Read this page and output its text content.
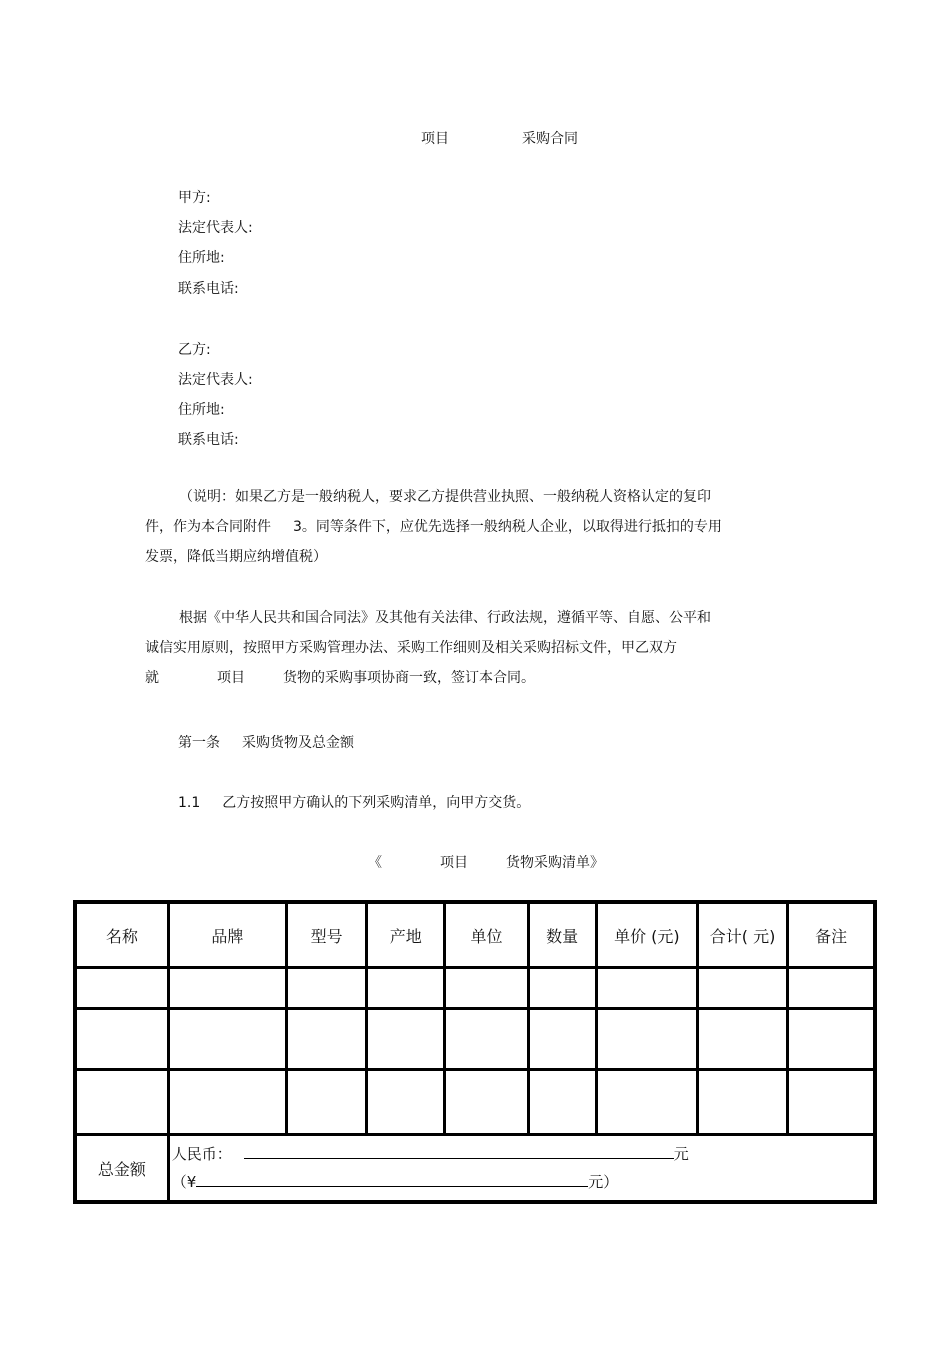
项目	采购合同
甲方:
法定代表人:
住所地:
联系电话:
乙方:
法定代表人:
住所地:
联系电话:
（说明：如果乙方是一般纳税人，要求乙方提供营业执照、一般纳税人资格认定的复印
件，作为本合同附件 3。同等条件下，应优先选择一般纳税人企业，以取得进行抵扣的专用
发票，降低当期应纳增值税）
根据《中华人民共和国合同法》及其他有关法律、行政法规，遵循平等、自愿、公平和
诚信实用原则，按照甲方采购管理办法、采购工作细则及相关采购招标文件，甲乙双方
就	项目	货物的采购事项协商一致，签订本合同。
第一条 采购货物及总金额
1.1 乙方按照甲方确认的下列采购清单，向甲方交货。
《	项目	货物采购清单》
名称	品牌	型号	产地	单位	数量	单价 (元)	合计( 元)	备注

总金额	人民币： 元
（¥ 元）							
